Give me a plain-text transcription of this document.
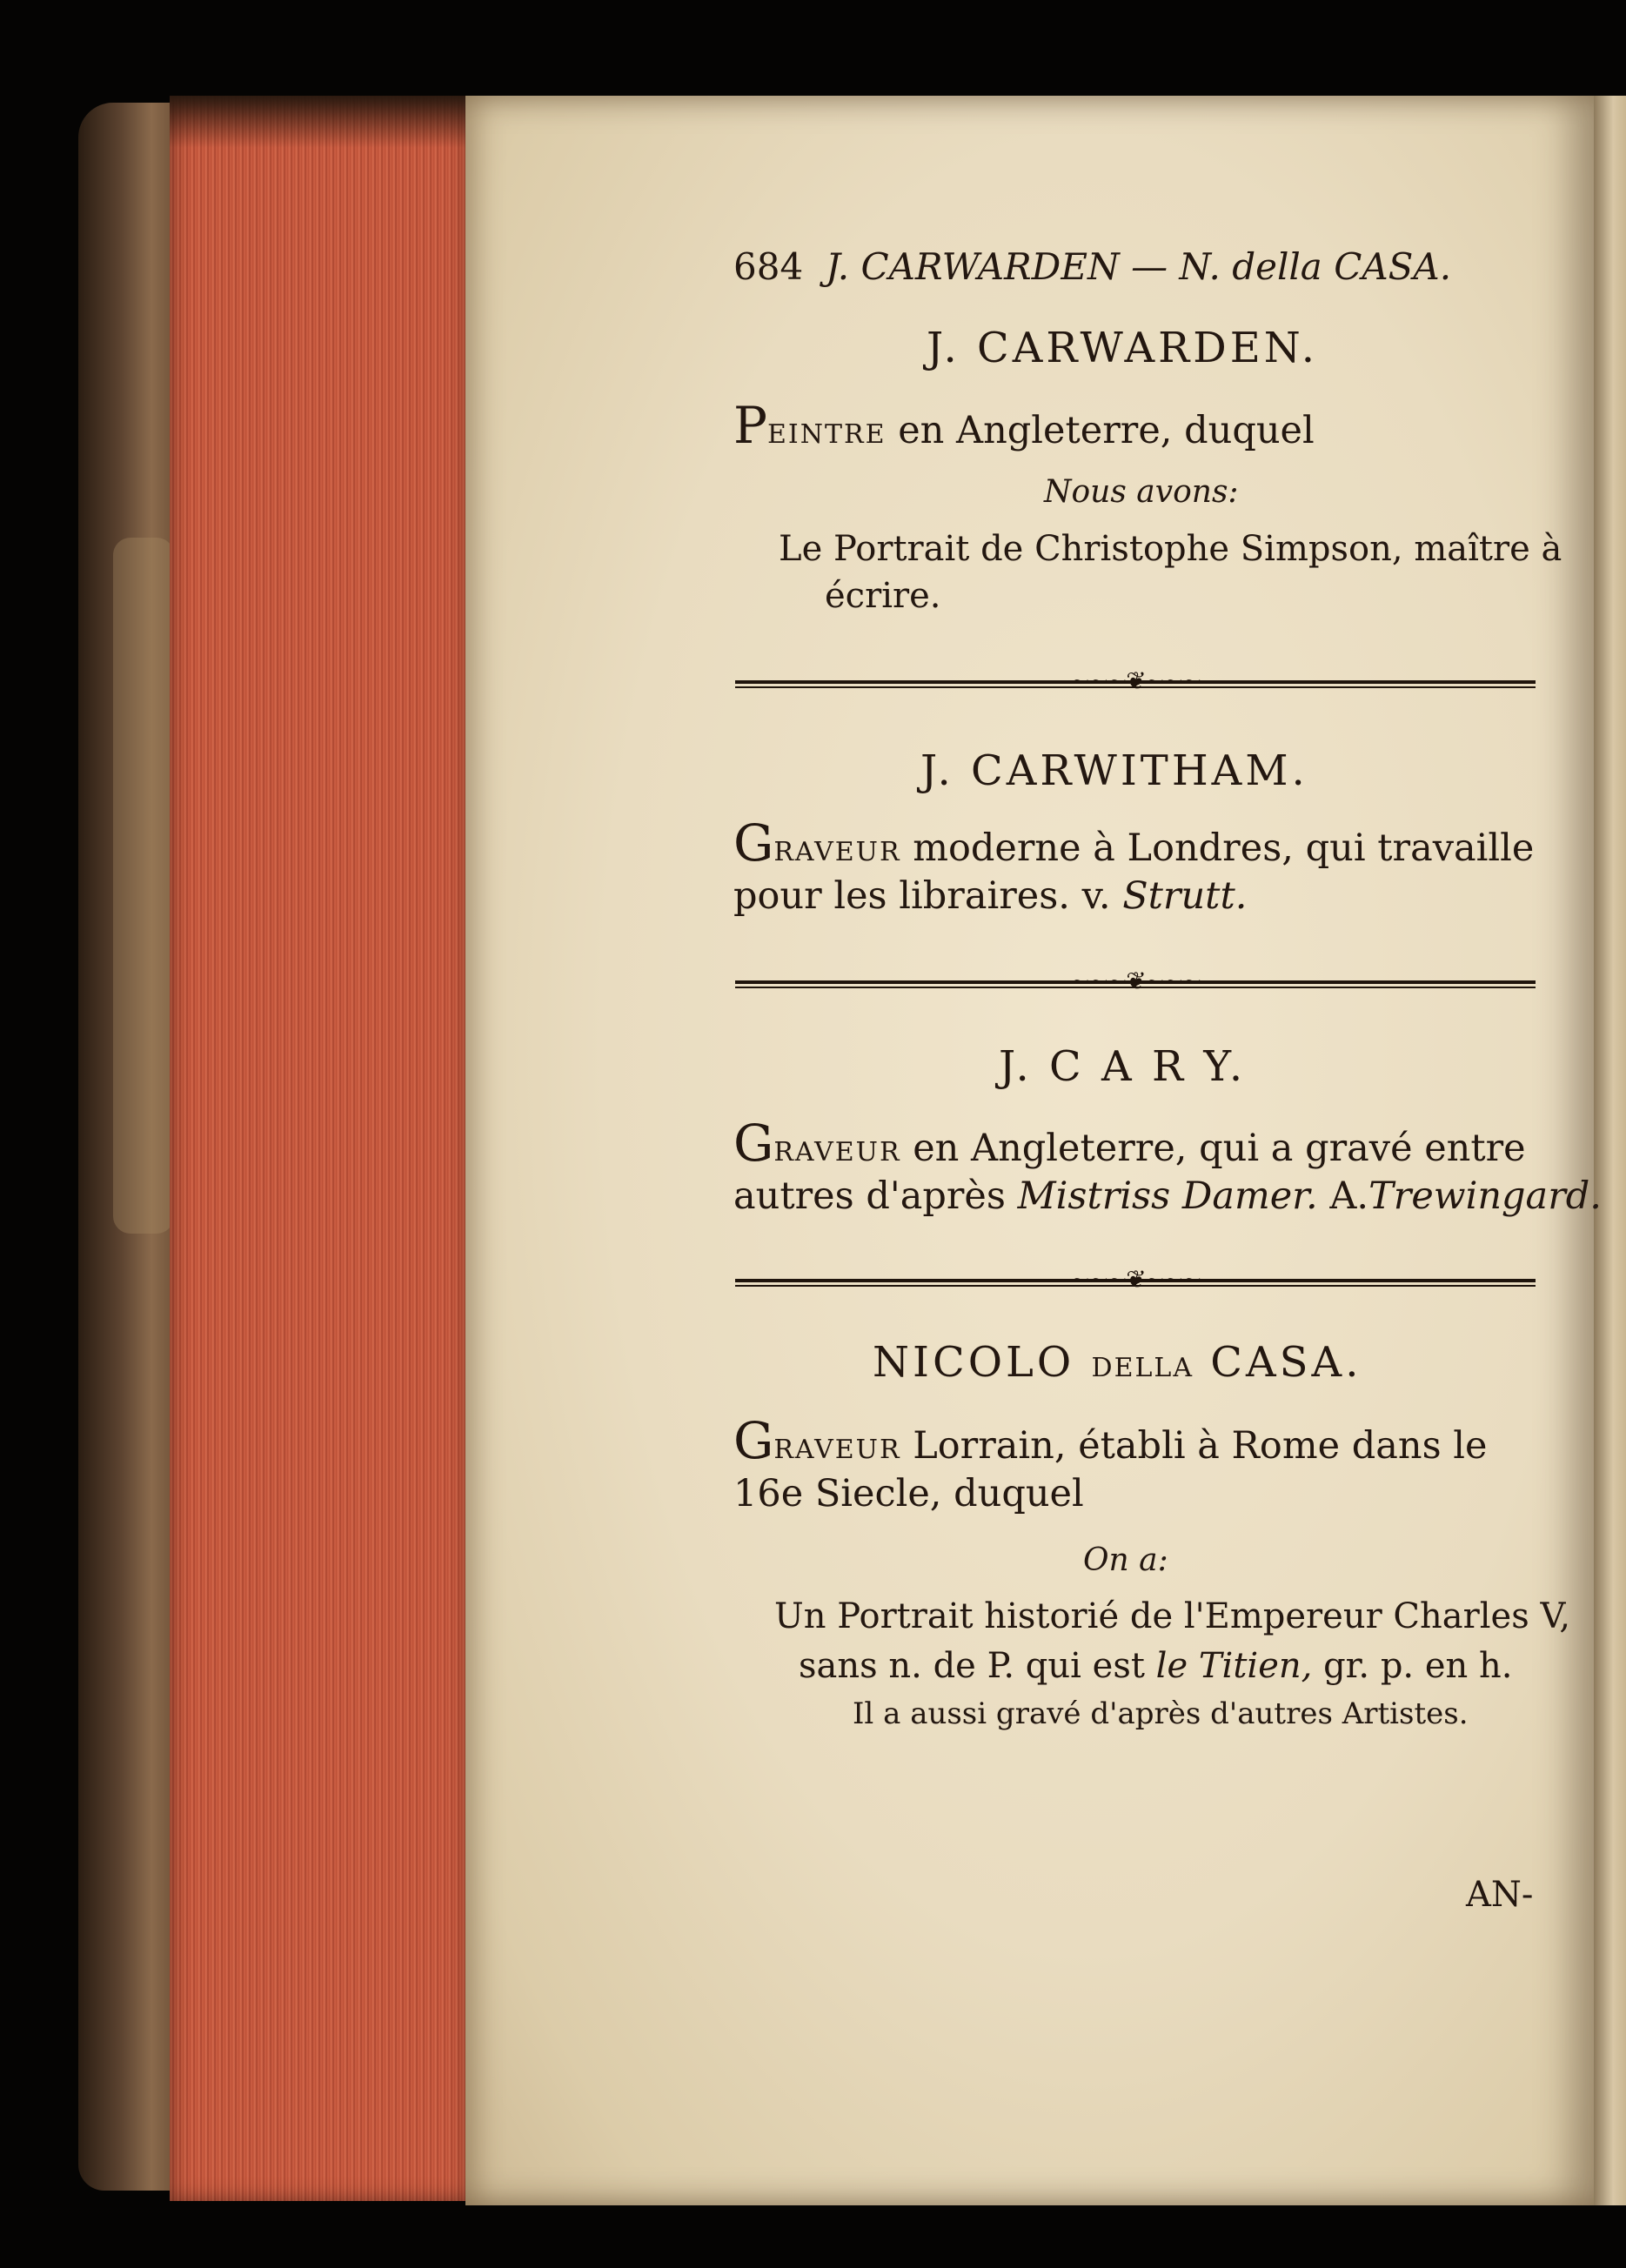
684 J. CARWARDEN — N. della CASA.
J. CARWARDEN.
PEINTRE en Angleterre, duquel
Nous avons:
Le Portrait de Christophe Simpson, maître à
écrire.
~~~❦~~~
J. CARWITHAM.
GRAVEUR moderne à Londres, qui travaille
pour les libraires. v. Strutt.
~~~❦~~~
J. C A R Y.
GRAVEUR en Angleterre, qui a gravé entre
autres d'après Mistriss Damer. A.Trewingard.
~~~❦~~~
NICOLO DELLA CASA.
GRAVEUR Lorrain, établi à Rome dans le
16e Siecle, duquel
On a:
Un Portrait historié de l'Empereur Charles V,
sans n. de P. qui est le Titien, gr. p. en h.
Il a aussi gravé d'après d'autres Artistes.
AN-
